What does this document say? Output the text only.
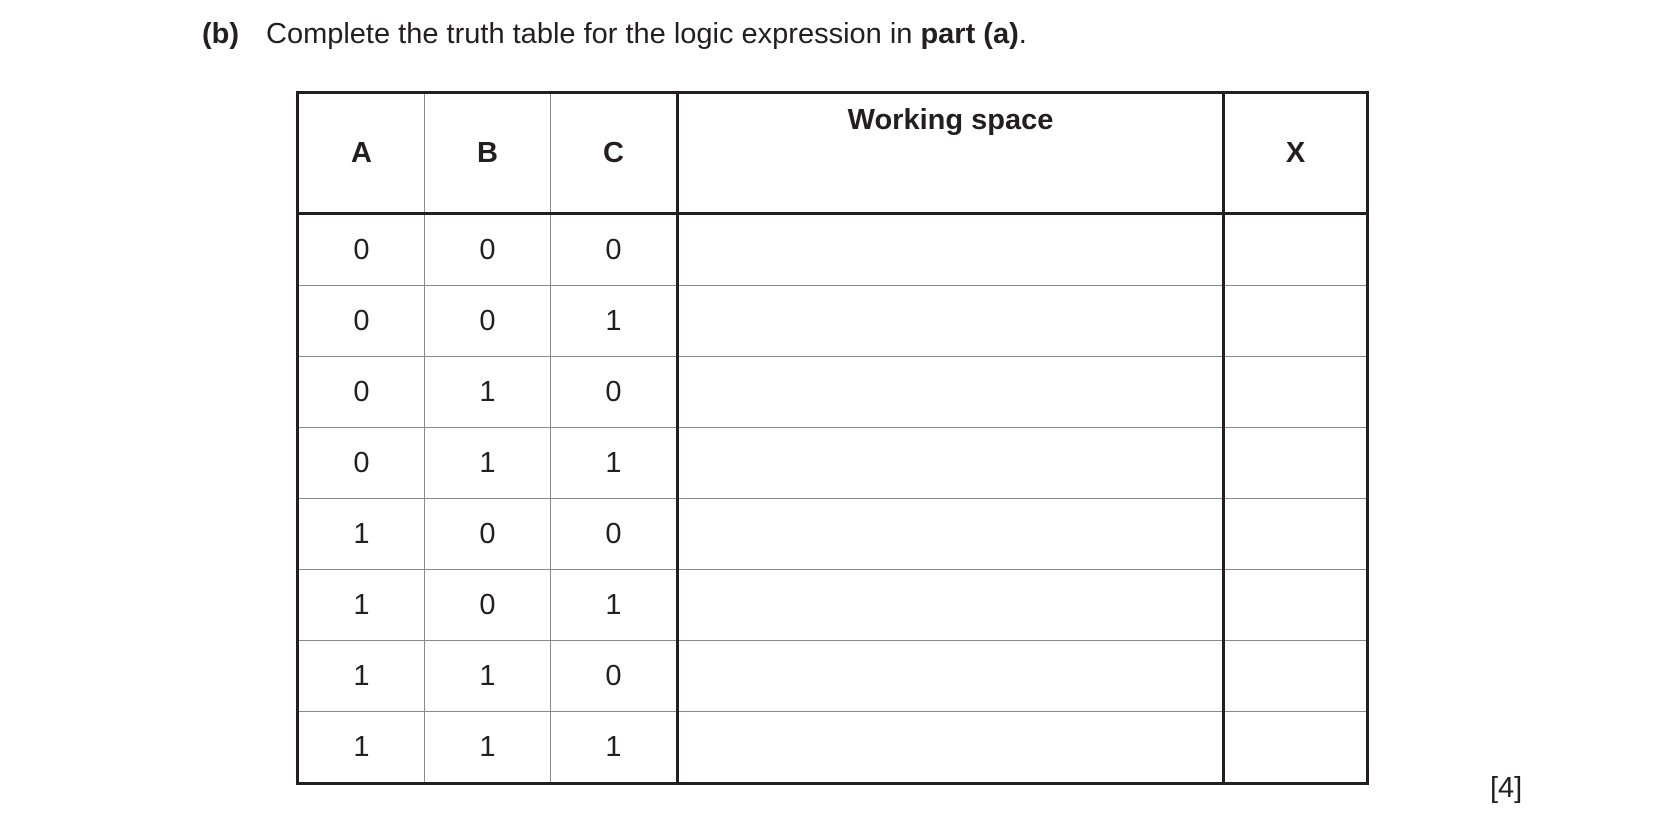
(b) Complete the truth table for the logic expression in part (a).
A	B	C	Working space	X
0	0	0		
0	0	1		
0	1	0		
0	1	1		
1	0	0		
1	0	1		
1	1	0		
1	1	1		
[4]
